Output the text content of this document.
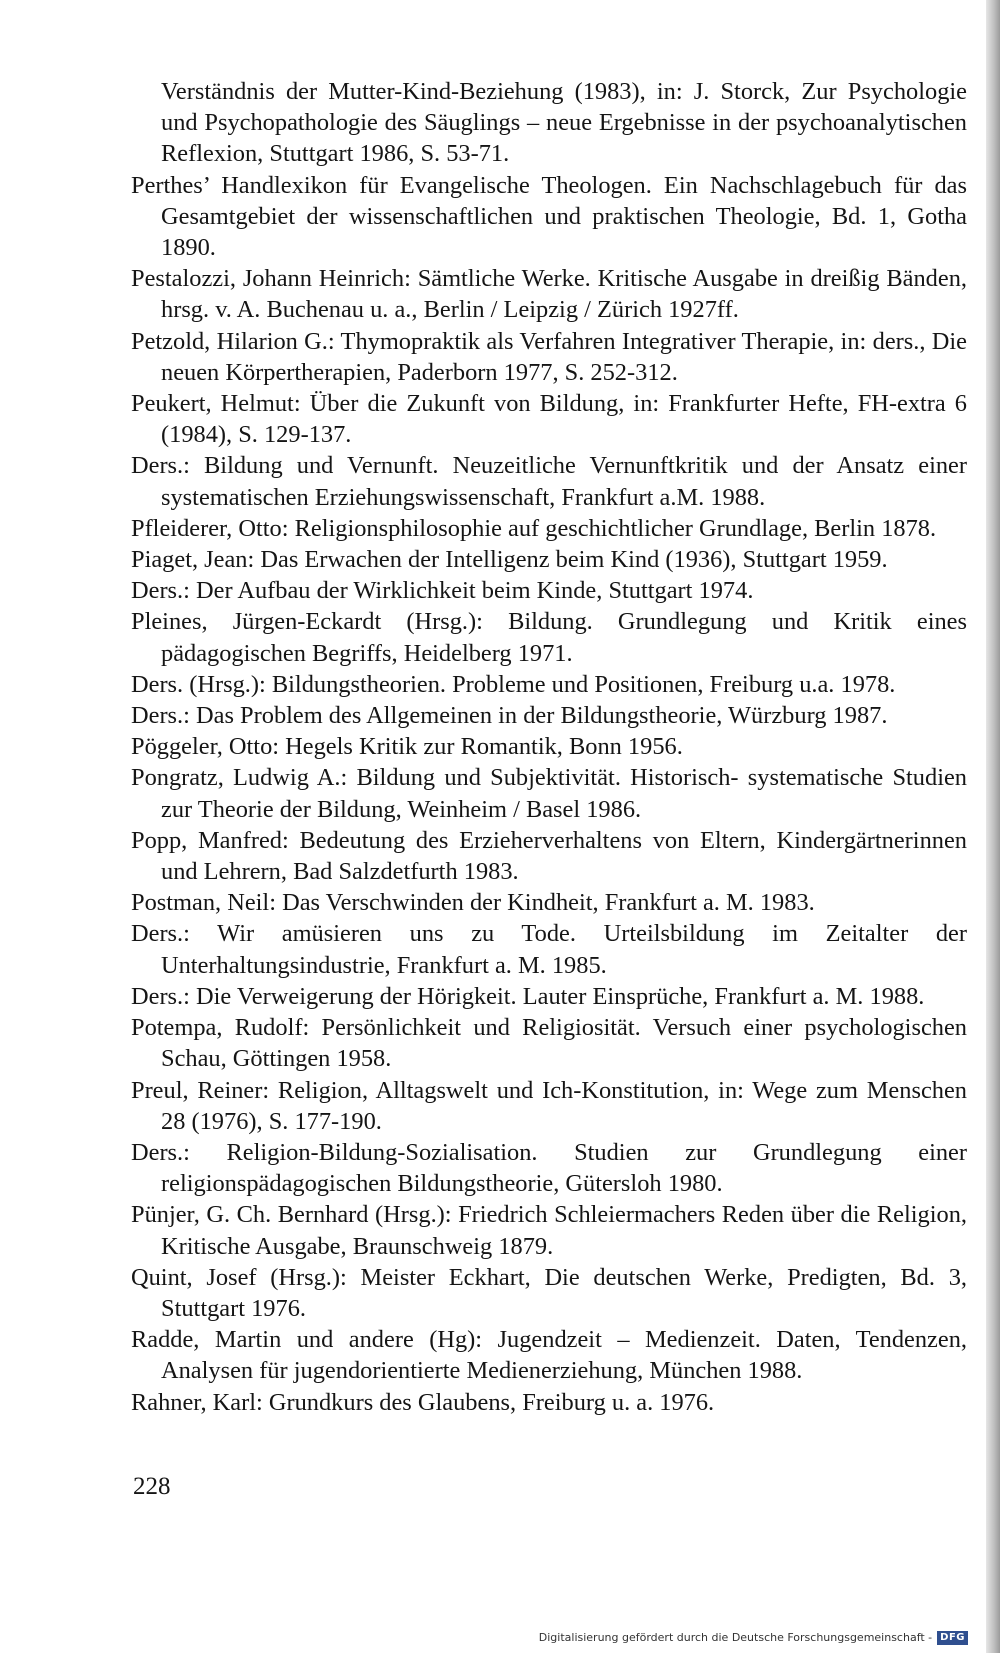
Verständnis der Mutter-Kind-Beziehung (1983), in: J. Storck, Zur Psychologie und Psychopathologie des Säuglings – neue Ergebnisse in der psychoanalytischen Reflexion, Stuttgart 1986, S. 53-71.
Perthes’ Handlexikon für Evangelische Theologen. Ein Nachschlagebuch für das Gesamtgebiet der wissenschaftlichen und praktischen Theologie, Bd. 1, Gotha 1890.
Pestalozzi, Johann Heinrich: Sämtliche Werke. Kritische Ausgabe in dreißig Bänden, hrsg. v. A. Buchenau u. a., Berlin / Leipzig / Zürich 1927ff.
Petzold, Hilarion G.: Thymopraktik als Verfahren Integrativer Therapie, in: ders., Die neuen Körpertherapien, Paderborn 1977, S. 252-312.
Peukert, Helmut: Über die Zukunft von Bildung, in: Frankfurter Hefte, FH-extra 6 (1984), S. 129-137.
Ders.: Bildung und Vernunft. Neuzeitliche Vernunftkritik und der Ansatz einer systematischen Erziehungswissenschaft, Frankfurt a.M. 1988.
Pfleiderer, Otto: Religionsphilosophie auf geschichtlicher Grundlage, Berlin 1878.
Piaget, Jean: Das Erwachen der Intelligenz beim Kind (1936), Stuttgart 1959.
Ders.: Der Aufbau der Wirklichkeit beim Kinde, Stuttgart 1974.
Pleines, Jürgen-Eckardt (Hrsg.): Bildung. Grundlegung und Kritik eines pädagogischen Begriffs, Heidelberg 1971.
Ders. (Hrsg.): Bildungstheorien. Probleme und Positionen, Freiburg u.a. 1978.
Ders.: Das Problem des Allgemeinen in der Bildungstheorie, Würzburg 1987.
Pöggeler, Otto: Hegels Kritik zur Romantik, Bonn 1956.
Pongratz, Ludwig A.: Bildung und Subjektivität. Historisch- systematische Studien zur Theorie der Bildung, Weinheim / Basel 1986.
Popp, Manfred: Bedeutung des Erzieherverhaltens von Eltern, Kindergärtnerinnen und Lehrern, Bad Salzdetfurth 1983.
Postman, Neil: Das Verschwinden der Kindheit, Frankfurt a. M. 1983.
Ders.: Wir amüsieren uns zu Tode. Urteilsbildung im Zeitalter der Unterhaltungsindustrie, Frankfurt a. M. 1985.
Ders.: Die Verweigerung der Hörigkeit. Lauter Einsprüche, Frankfurt a. M. 1988.
Potempa, Rudolf: Persönlichkeit und Religiosität. Versuch einer psychologischen Schau, Göttingen 1958.
Preul, Reiner: Religion, Alltagswelt und Ich-Konstitution, in: Wege zum Menschen 28 (1976), S. 177-190.
Ders.: Religion-Bildung-Sozialisation. Studien zur Grundlegung einer religionspädagogischen Bildungstheorie, Gütersloh 1980.
Pünjer, G. Ch. Bernhard (Hrsg.): Friedrich Schleiermachers Reden über die Religion, Kritische Ausgabe, Braunschweig 1879.
Quint, Josef (Hrsg.): Meister Eckhart, Die deutschen Werke, Predigten, Bd. 3, Stuttgart 1976.
Radde, Martin und andere (Hg): Jugendzeit – Medienzeit. Daten, Tendenzen, Analysen für jugendorientierte Medienerziehung, München 1988.
Rahner, Karl: Grundkurs des Glaubens, Freiburg u. a. 1976.
228
Digitalisierung gefördert durch die Deutsche Forschungsgemeinschaft - DFG
